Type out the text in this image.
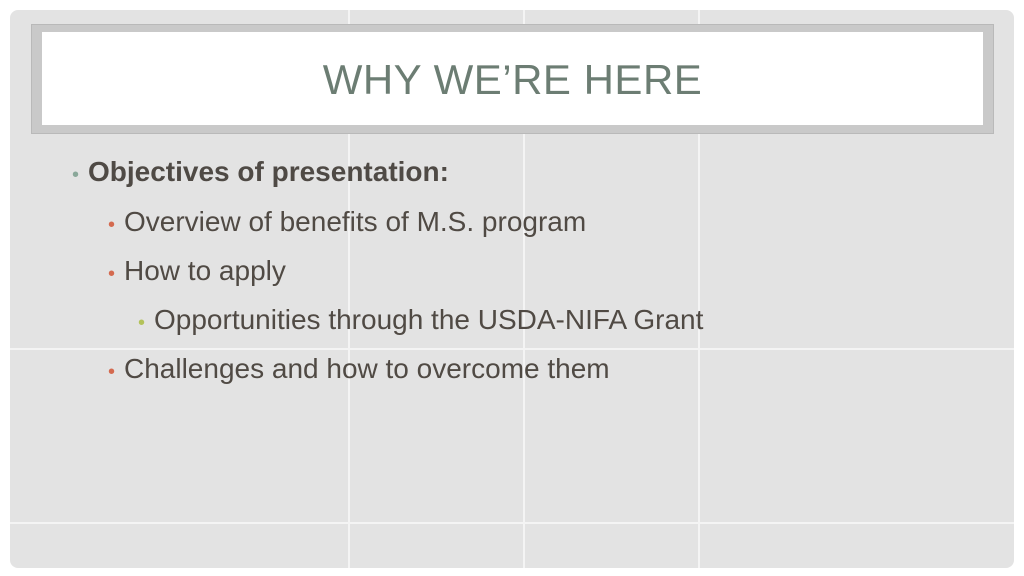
WHY WE’RE HERE
• Objectives of presentation:
• Overview of benefits of M.S. program
• How to apply
• Opportunities through the USDA-NIFA Grant
• Challenges and how to overcome them
